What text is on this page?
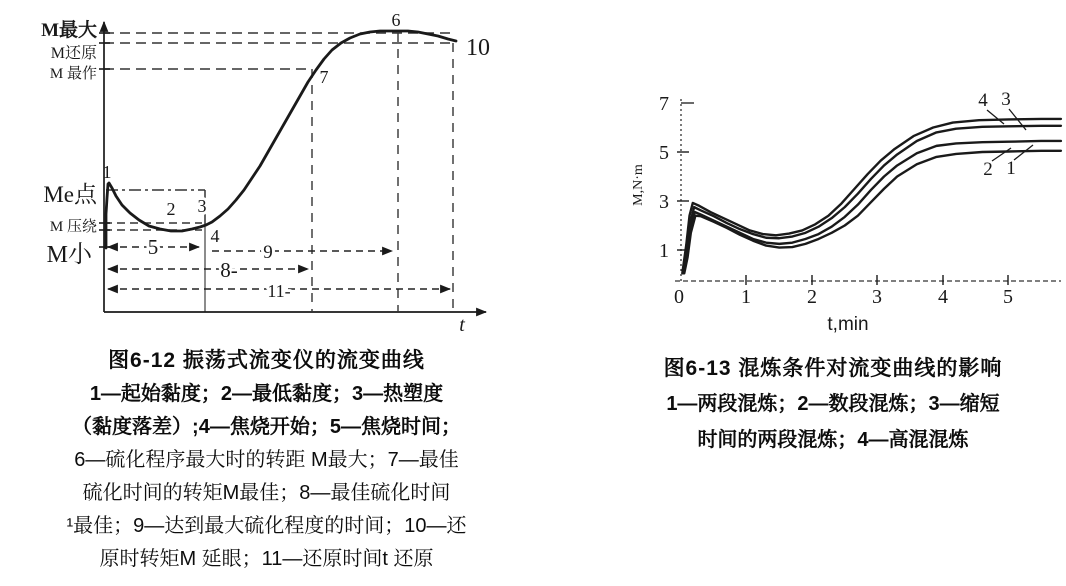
M最大
M还原
M 最作
Me点
M 压绕
M小
1
2 3
4
5
6
7
8-
9
10
11-
t
图6-12 振荡式流变仪的流变曲线
1—起始黏度；2—最低黏度；3—热塑度
（黏度落差）;4—焦烧开始；5—焦烧时间；
6—硫化程序最大时的转距 M最大；7—最佳
硫化时间的转矩M最佳；8—最佳硫化时间
¹最佳；9—达到最大硫化程度的时间；10—还
原时转矩M 延眼；11—还原时间t 还原
7
5
3
1
0	1	2	3	4	5
t,min
M,N·m
4 3
2 1
图6-13 混炼条件对流变曲线的影响
1—两段混炼；2—数段混炼；3—缩短
时间的两段混炼；4—高混混炼
